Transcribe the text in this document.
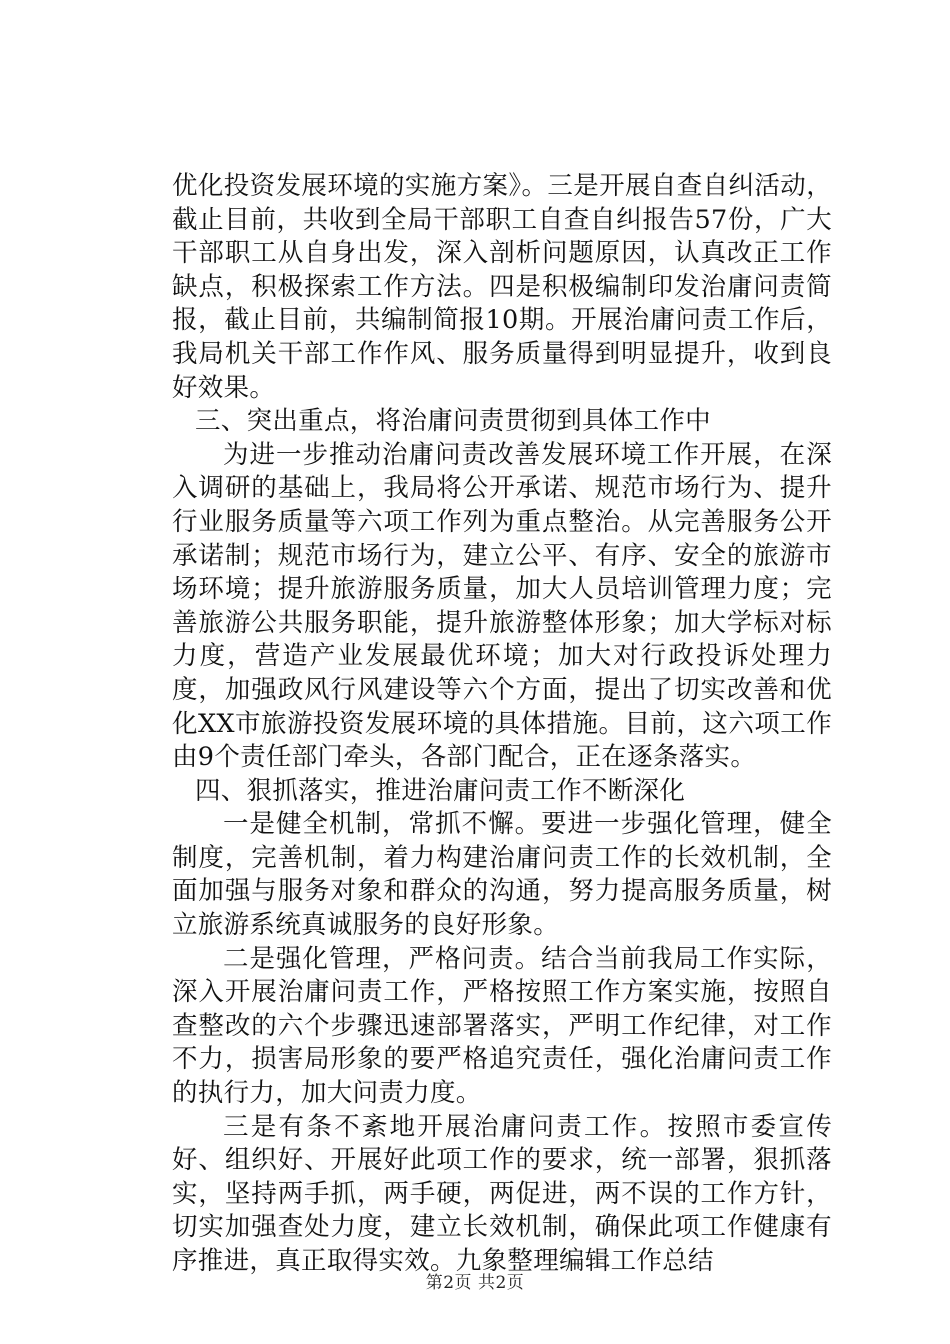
优化投资发展环境的实施方案》。三是开展自查自纠活动，截止目前，共收到全局干部职工自查自纠报告57份，广大干部职工从自身出发，深入剖析问题原因，认真改正工作缺点，积极探索工作方法。四是积极编制印发治庸问责简报，截止目前，共编制简报10期。开展治庸问责工作后，我局机关干部工作作风、服务质量得到明显提升，收到良好效果。

三、突出重点，将治庸问责贯彻到具体工作中

为进一步推动治庸问责改善发展环境工作开展，在深入调研的基础上，我局将公开承诺、规范市场行为、提升行业服务质量等六项工作列为重点整治。从完善服务公开承诺制；规范市场行为，建立公平、有序、安全的旅游市场环境；提升旅游服务质量，加大人员培训管理力度；完善旅游公共服务职能，提升旅游整体形象；加大学标对标力度，营造产业发展最优环境；加大对行政投诉处理力度，加强政风行风建设等六个方面，提出了切实改善和优化XX市旅游投资发展环境的具体措施。目前，这六项工作由9个责任部门牵头，各部门配合，正在逐条落实。

四、狠抓落实，推进治庸问责工作不断深化

一是健全机制，常抓不懈。要进一步强化管理，健全制度，完善机制，着力构建治庸问责工作的长效机制，全面加强与服务对象和群众的沟通，努力提高服务质量，树立旅游系统真诚服务的良好形象。

二是强化管理，严格问责。结合当前我局工作实际，深入开展治庸问责工作，严格按照工作方案实施，按照自查整改的六个步骤迅速部署落实，严明工作纪律，对工作不力，损害局形象的要严格追究责任，强化治庸问责工作的执行力，加大问责力度。

三是有条不紊地开展治庸问责工作。按照市委宣传好、组织好、开展好此项工作的要求，统一部署，狠抓落实，坚持两手抓，两手硬，两促进，两不误的工作方针，切实加强查处力度，建立长效机制，确保此项工作健康有序推进，真正取得实效。九象整理编辑工作总结

第2页 共2页
